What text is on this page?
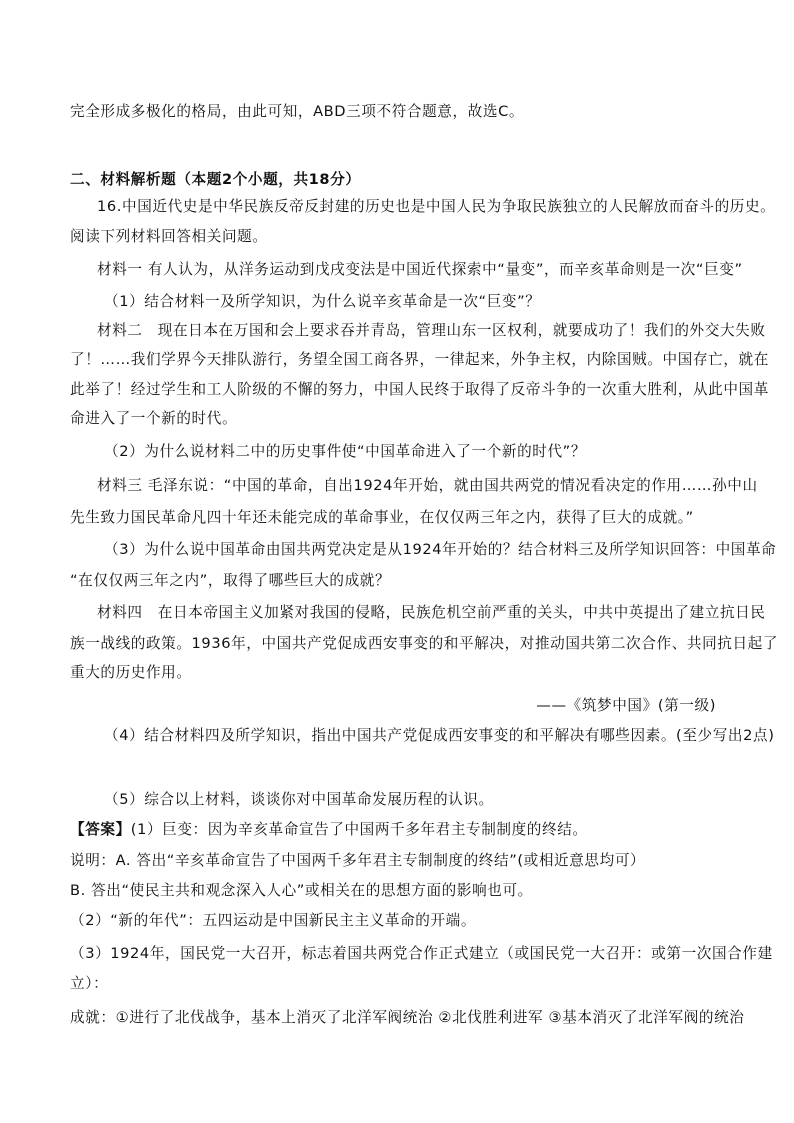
完全形成多极化的格局，由此可知，ABD三项不符合题意，故选C。
二、材料解析题（本题2个小题，共18分）
16.中国近代史是中华民族反帝反封建的历史也是中国人民为争取民族独立的人民解放而奋斗的历史。
阅读下列材料回答相关问题。
材料一 有人认为，从洋务运动到戊戌变法是中国近代探索中“量变”，而辛亥革命则是一次“巨变”
（1）结合材料一及所学知识，为什么说辛亥革命是一次“巨变”？
材料二　现在日本在万国和会上要求吞并青岛，管理山东一区权利，就要成功了！我们的外交大失败
了！……我们学界今天排队游行，务望全国工商各界，一律起来，外争主权，内除国贼。中国存亡，就在
此举了！经过学生和工人阶级的不懈的努力，中国人民终于取得了反帝斗争的一次重大胜利，从此中国革
命进入了一个新的时代。
（2）为什么说材料二中的历史事件使“中国革命进入了一个新的时代”？
材料三 毛泽东说：“中国的革命，自出1924年开始，就由国共两党的情况看决定的作用……孙中山
先生致力国民革命凡四十年还未能完成的革命事业，在仅仅两三年之内，获得了巨大的成就。”
（3）为什么说中国革命由国共两党决定是从1924年开始的？结合材料三及所学知识回答：中国革命
“在仅仅两三年之内”，取得了哪些巨大的成就？
材料四　在日本帝国主义加紧对我国的侵略，民族危机空前严重的关头，中共中英提出了建立抗日民
族一战线的政策。1936年，中国共产党促成西安事变的和平解决，对推动国共第二次合作、共同抗日起了
重大的历史作用。
——《筑梦中国》(第一级)
（4）结合材料四及所学知识，指出中国共产党促成西安事变的和平解决有哪些因素。(至少写出2点)
（5）综合以上材料，谈谈你对中国革命发展历程的认识。
【答案】(1）巨变：因为辛亥革命宣告了中国两千多年君主专制制度的终结。
说明：A. 答出“辛亥革命宣告了中国两千多年君主专制制度的终结”(或相近意思均可）
B. 答出“使民主共和观念深入人心”或相关在的思想方面的影响也可。
（2）“新的年代”：五四运动是中国新民主主义革命的开端。
（3）1924年，国民党一大召开，标志着国共两党合作正式建立（或国民党一大召开：或第一次国合作建
立）：
成就：①进行了北伐战争，基本上消灭了北洋军阀统治 ②北伐胜利进军 ③基本消灭了北洋军阀的统治
